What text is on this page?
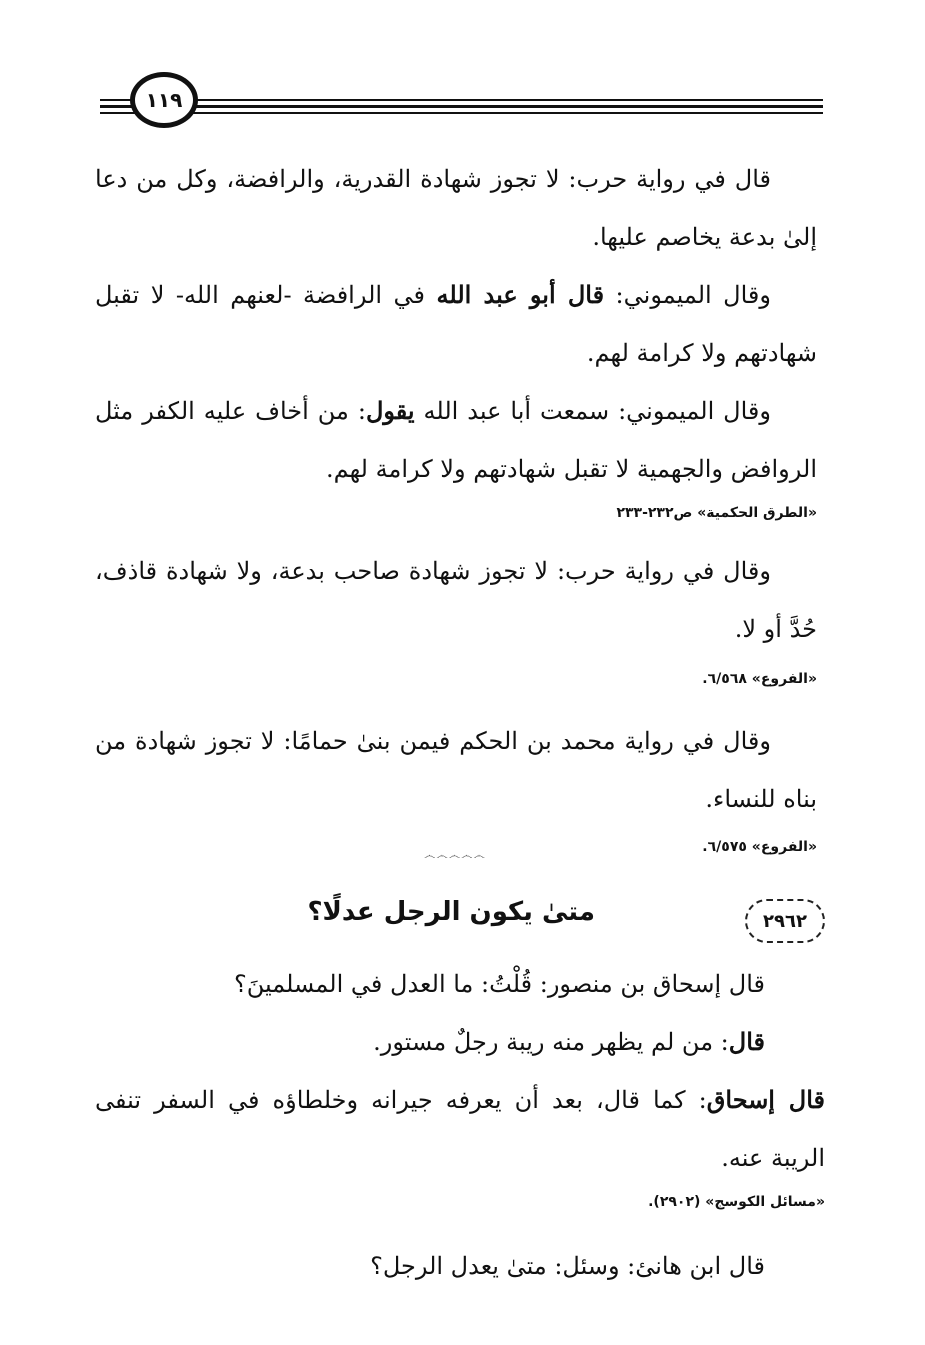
١١٩

قال في رواية حرب: لا تجوز شهادة القدرية، والرافضة، وكل من دعا إلىٰ بدعة يخاصم عليها.

وقال الميموني: قال أبو عبد الله في الرافضة -لعنهم الله- لا تقبل شهادتهم ولا كرامة لهم.

وقال الميموني: سمعت أبا عبد الله يقول: من أخاف عليه الكفر مثل الروافض والجهمية لا تقبل شهادتهم ولا كرامة لهم.

«الطرق الحكمية» ص٢٣٢-٢٣٣

وقال في رواية حرب: لا تجوز شهادة صاحب بدعة، ولا شهادة قاذف، حُدَّ أو لا.

«الفروع» ٦/٥٦٨.

وقال في رواية محمد بن الحكم فيمن بنىٰ حمامًا: لا تجوز شهادة من بناه للنساء.

«الفروع» ٦/٥٧٥.

෴෴෴෴෴
٢٩٦٢
متىٰ يكون الرجل عدلًا؟

قال إسحاق بن منصور: قُلْتُ: ما العدل في المسلمينَ؟

قال: من لم يظهر منه ريبة رجلٌ مستور.

قال إسحاق: كما قال، بعد أن يعرفه جيرانه وخلطاؤه في السفر تنفى الريبة عنه.

«مسائل الكوسج» (٢٩٠٢).

قال ابن هانئ: وسئل: متىٰ يعدل الرجل؟
